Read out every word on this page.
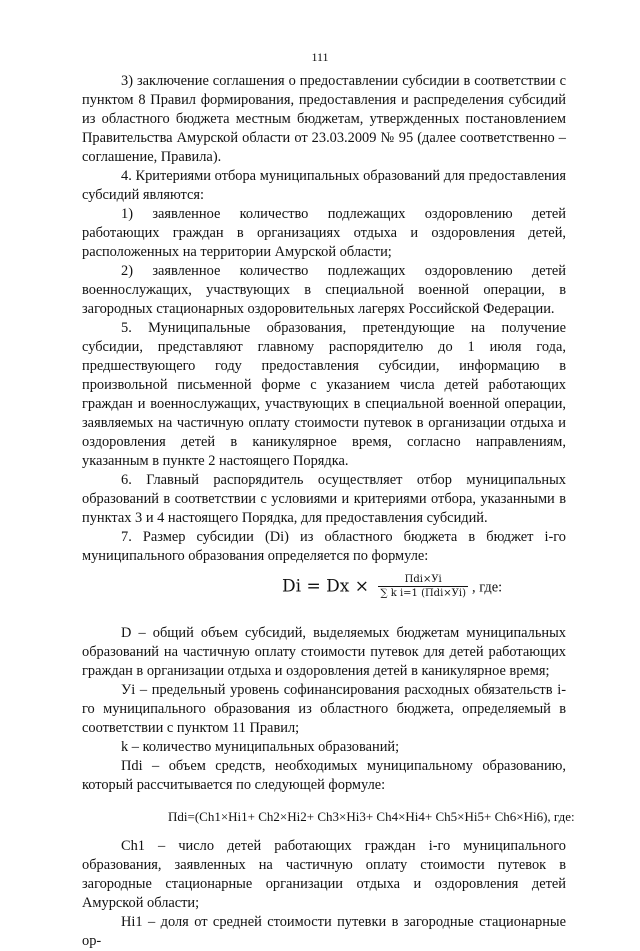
111

3) заключение соглашения о предоставлении субсидии в соответствии с пунктом 8 Правил формирования, предоставления и распределения субсидий из областного бюджета местным бюджетам, утвержденных постановлением Правительства Амурской области от 23.03.2009 № 95 (далее соответственно – соглашение, Правила).

4. Критериями отбора муниципальных образований для предоставления субсидий являются:

1) заявленное количество подлежащих оздоровлению детей работающих граждан в организациях отдыха и оздоровления детей, расположенных на территории Амурской области;

2) заявленное количество подлежащих оздоровлению детей военнослужащих, участвующих в специальной военной операции, в загородных стационарных оздоровительных лагерях Российской Федерации.

5. Муниципальные образования, претендующие на получение субсидии, представляют главному распорядителю до 1 июля года, предшествующего году предоставления субсидии, информацию в произвольной письменной форме с указанием числа детей работающих граждан и военнослужащих, участвующих в специальной военной операции, заявляемых на частичную оплату стоимости путевок в организации отдыха и оздоровления детей в каникулярное время, согласно направлениям, указанным в пункте 2 настоящего Порядка.

6. Главный распорядитель осуществляет отбор муниципальных образований в соответствии с условиями и критериями отбора, указанными в пунктах 3 и 4 настоящего Порядка, для предоставления субсидий.

7. Размер субсидии (Di) из областного бюджета в бюджет i-го муниципального образования определяется по формуле:

$Di = Dx \times \frac{\text{Пdi×Уi}}{\text{∑ k i=1 (Пdi×Уi)}}$ , где:

D – общий объем субсидий, выделяемых бюджетам муниципальных образований на частичную оплату стоимости путевок для детей работающих граждан в организации отдыха и оздоровления детей в каникулярное время;

Уi – предельный уровень софинансирования расходных обязательств i-го муниципального образования из областного бюджета, определяемый в соответствии с пунктом 11 Правил;

k – количество муниципальных образований;

Пdi – объем средств, необходимых муниципальному образованию, который рассчитывается по следующей формуле:

Пdi=(Сh1×Нi1+ Сh2×Нi2+ Сh3×Нi3+ Сh4×Нi4+ Сh5×Нi5+ Сh6×Нi6), где:

Сh1 – число детей работающих граждан i-го муниципального образования, заявленных на частичную оплату стоимости путевок в загородные стационарные организации отдыха и оздоровления детей Амурской области;

Нi1 – доля от средней стоимости путевки в загородные стационарные ор-
